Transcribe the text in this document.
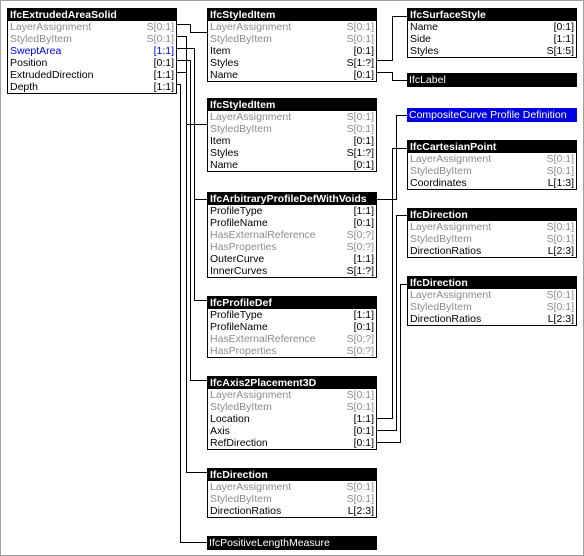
IfcExtrudedAreaSolid
LayerAssignment	S[0:1]
StyledByItem	S[0:1]
SweptArea	[1:1]
Position	[0:1]
ExtrudedDirection	[1:1]
Depth	[1:1]
IfcStyledItem
LayerAssignment	S[0:1]
StyledByItem	S[0:1]
Item	[0:1]
Styles	S[1:?]
Name	[0:1]
IfcSurfaceStyle
Name	[0:1]
Side	[1:1]
Styles	S[1:5]
IfcLabel
IfcStyledItem
LayerAssignment	S[0:1]
StyledByItem	S[0:1]
Item	[0:1]
Styles	S[1:?]
Name	[0:1]
CompositeCurve Profile Definition
IfcCartesianPoint
LayerAssignment	S[0:1]
StyledByItem	S[0:1]
Coordinates	L[1:3]
IfcArbitraryProfileDefWithVoids
ProfileType	[1:1]
ProfileName	[0:1]
HasExternalReference	S[0:?]
HasProperties	S[0:?]
OuterCurve	[1:1]
InnerCurves	S[1:?]
IfcDirection
LayerAssignment	S[0:1]
StyledByItem	S[0:1]
DirectionRatios	L[2:3]
IfcDirection
LayerAssignment	S[0:1]
StyledByItem	S[0:1]
DirectionRatios	L[2:3]
IfcProfileDef
ProfileType	[1:1]
ProfileName	[0:1]
HasExternalReference	S[0:?]
HasProperties	S[0:?]
IfcAxis2Placement3D
LayerAssignment	S[0:1]
StyledByItem	S[0:1]
Location	[1:1]
Axis	[0:1]
RefDirection	[0:1]
IfcDirection
LayerAssignment	S[0:1]
StyledByItem	S[0:1]
DirectionRatios	L[2:3]
IfcPositiveLengthMeasure
